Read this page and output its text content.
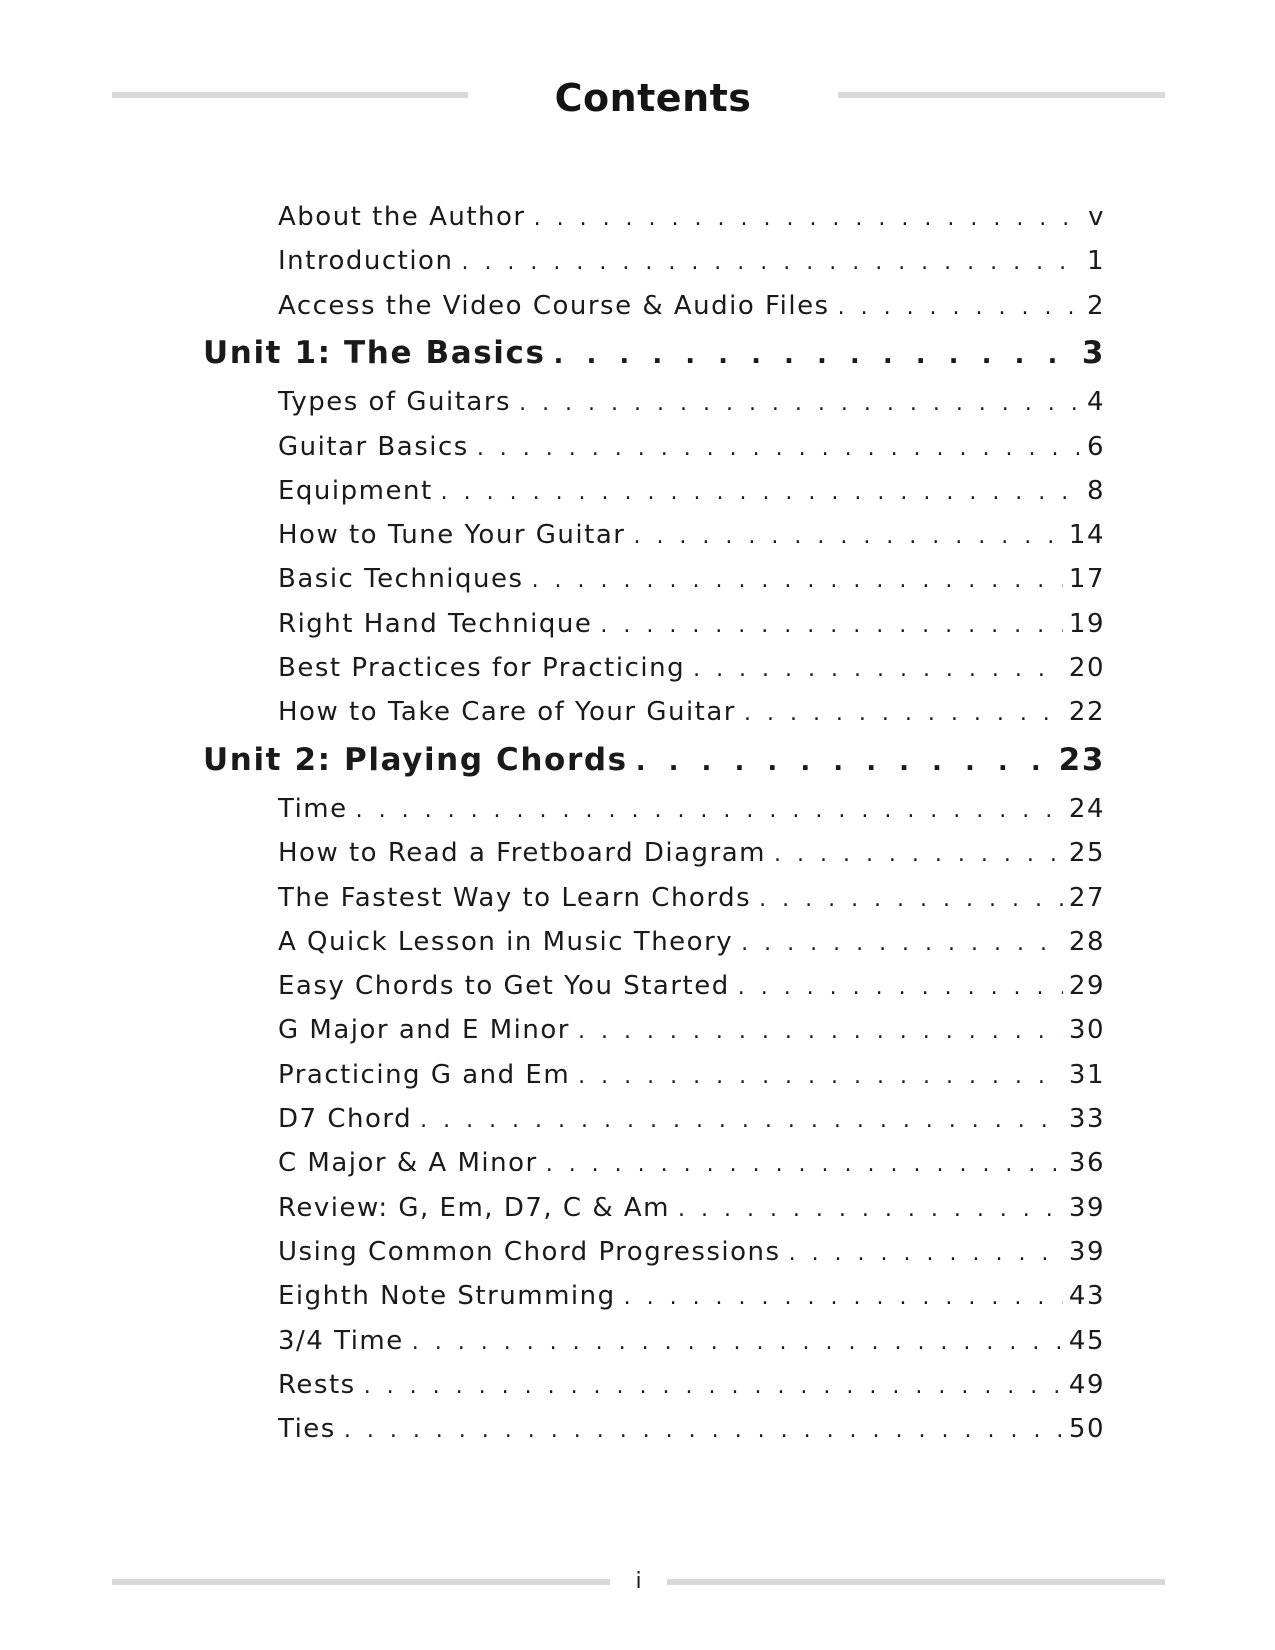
Contents
About the Author . . .	v
Introduction . . .	1
Access the Video Course & Audio Files . . .	2
Unit 1: The Basics . . .	3
Types of Guitars . . .	4
Guitar Basics . . .	6
Equipment . . .	8
How to Tune Your Guitar . . .	14
Basic Techniques . . .	17
Right Hand Technique . . .	19
Best Practices for Practicing . . .	20
How to Take Care of Your Guitar . . .	22
Unit 2: Playing Chords . . .	23
Time . . .	24
How to Read a Fretboard Diagram . . .	25
The Fastest Way to Learn Chords . . .	27
A Quick Lesson in Music Theory . . .	28
Easy Chords to Get You Started . . .	29
G Major and E Minor . . .	30
Practicing G and Em . . .	31
D7 Chord . . .	33
C Major & A Minor . . .	36
Review: G, Em, D7, C & Am . . .	39
Using Common Chord Progressions . . .	39
Eighth Note Strumming . . .	43
3/4 Time . . .	45
Rests . . .	49
Ties . . .	50
i
